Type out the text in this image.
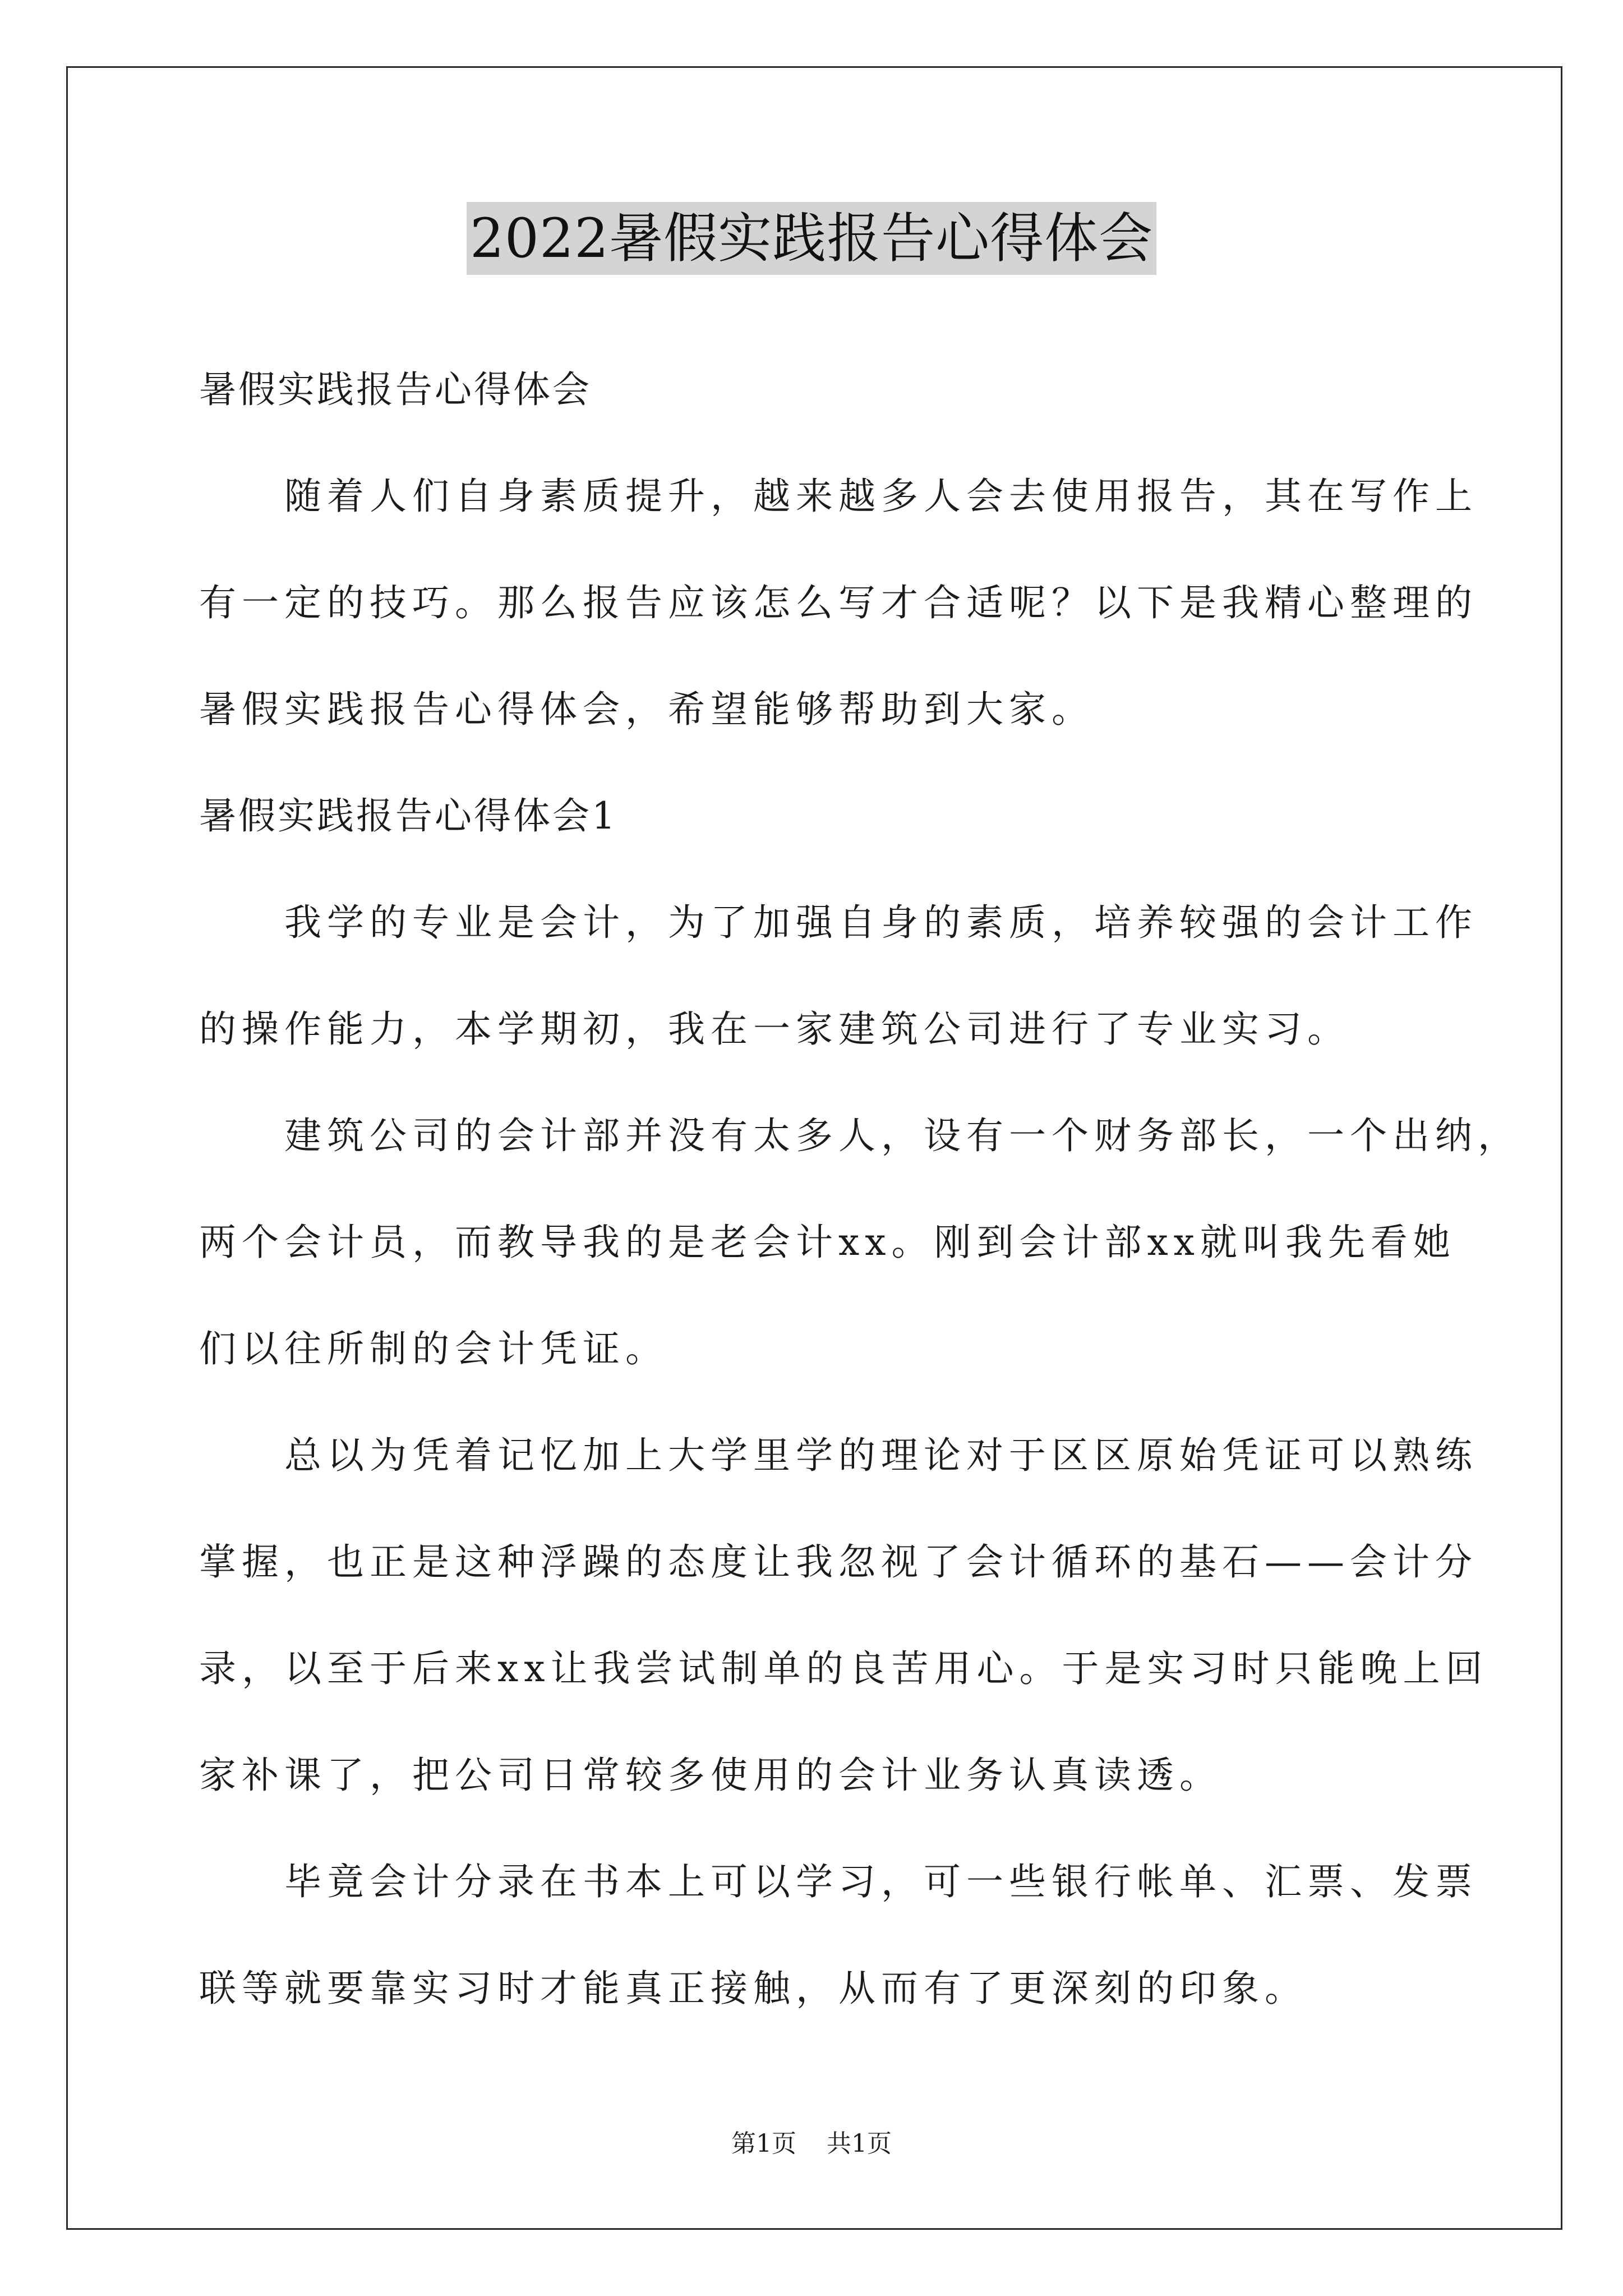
2022暑假实践报告心得体会

暑假实践报告心得体会

随着人们自身素质提升，越来越多人会去使用报告，其在写作上

有一定的技巧。那么报告应该怎么写才合适呢？以下是我精心整理的

暑假实践报告心得体会，希望能够帮助到大家。

暑假实践报告心得体会1

我学的专业是会计，为了加强自身的素质，培养较强的会计工作

的操作能力，本学期初，我在一家建筑公司进行了专业实习。

建筑公司的会计部并没有太多人，设有一个财务部长，一个出纳，

两个会计员，而教导我的是老会计xx。刚到会计部xx就叫我先看她

们以往所制的会计凭证。

总以为凭着记忆加上大学里学的理论对于区区原始凭证可以熟练

掌握，也正是这种浮躁的态度让我忽视了会计循环的基石——会计分

录，以至于后来xx让我尝试制单的良苦用心。于是实习时只能晚上回

家补课了，把公司日常较多使用的会计业务认真读透。

毕竟会计分录在书本上可以学习，可一些银行帐单、汇票、发票

联等就要靠实习时才能真正接触，从而有了更深刻的印象。

第1页 共1页
